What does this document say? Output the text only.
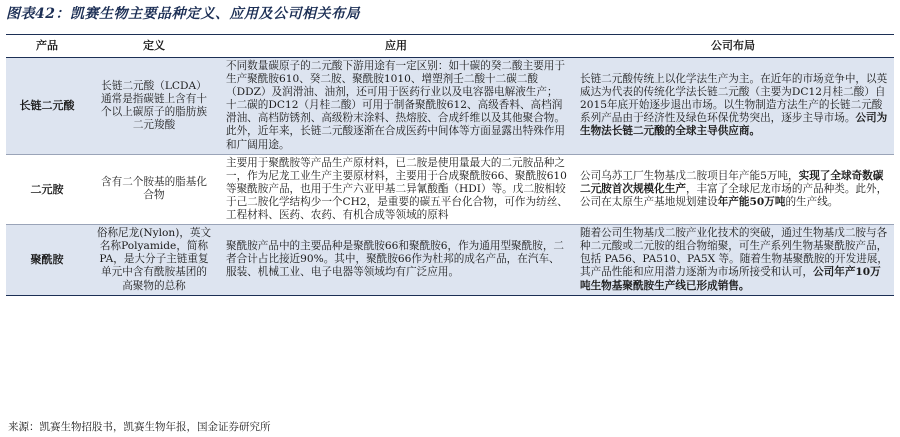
图表42：凯赛生物主要品种定义、应用及公司相关布局
产品	定义	应用	公司布局
长链二元酸	长链二元酸（LCDA）通常是指碳链上含有十个以上碳原子的脂肪族二元羧酸	不同数量碳原子的二元酸下游用途有一定区别：如十碳的癸二酸主要用于生产聚酰胺610、癸二胺、聚酰胺1010、增塑剂壬二酸十二碳二酸（DDZ）及润滑油、油剂，还可用于医药行业以及电容器电解液生产；十二碳的DC12（月桂二酸）可用于制备聚酰胺612、高级香料、高档润滑油、高档防锈剂、高级粉末涂料、热熔胶、合成纤维以及其他聚合物。此外，近年来，长链二元酸逐渐在合成医药中间体等方面显露出特殊作用和广阔用途。	长链二元酸传统上以化学法生产为主。在近年的市场竞争中，以英威达为代表的传统化学法长链二元酸（主要为DC12月桂二酸）自2015年底开始逐步退出市场。以生物制造方法生产的长链二元酸系列产品由于经济性及绿色环保优势突出，逐步主导市场。公司为生物法长链二元酸的全球主导供应商。
二元胺	含有二个胺基的脂基化合物	主要用于聚酰胺等产品生产原材料，已二胺是使用量最大的二元胺品种之一，作为尼龙工业生产主要原材料，主要用于合成聚酰胺66、聚酰胺610等聚酰胺产品，也用于生产六亚甲基二异氰酸酯（HDI）等。戊二胺相较于己二胺化学结构少一个CH2，是重要的碳五平台化合物，可作为纺丝、工程材料、医药、农药、有机合成等领域的原料	公司乌苏工厂生物基戊二胺项目年产能5万吨，实现了全球奇数碳二元胺首次规模化生产，丰富了全球尼龙市场的产品种类。此外，公司在太原生产基地规划建设年产能50万吨的生产线。
聚酰胺	俗称尼龙(Nylon)，英文名称Polyamide，简称PA，是大分子主链重复单元中含有酰胺基团的高聚物的总称	聚酰胺产品中的主要品种是聚酰胺66和聚酰胺6，作为通用型聚酰胺，二者合计占比接近90%。其中，聚酰胺66作为杜邦的成名产品，在汽车、服装、机械工业、电子电器等领域均有广泛应用。	随着公司生物基戊二胺产业化技术的突破，通过生物基戊二胺与各种二元酸或二元胺的组合物缩聚，可生产系列生物基聚酰胺产品，包括 PA56、PA510、PA5X 等。随着生物基聚酰胺的开发进展，其产品性能和应用潜力逐渐为市场所接受和认可，公司年产10万吨生物基聚酰胺生产线已形成销售。
来源：凯赛生物招股书，凯赛生物年报，国金证券研究所
